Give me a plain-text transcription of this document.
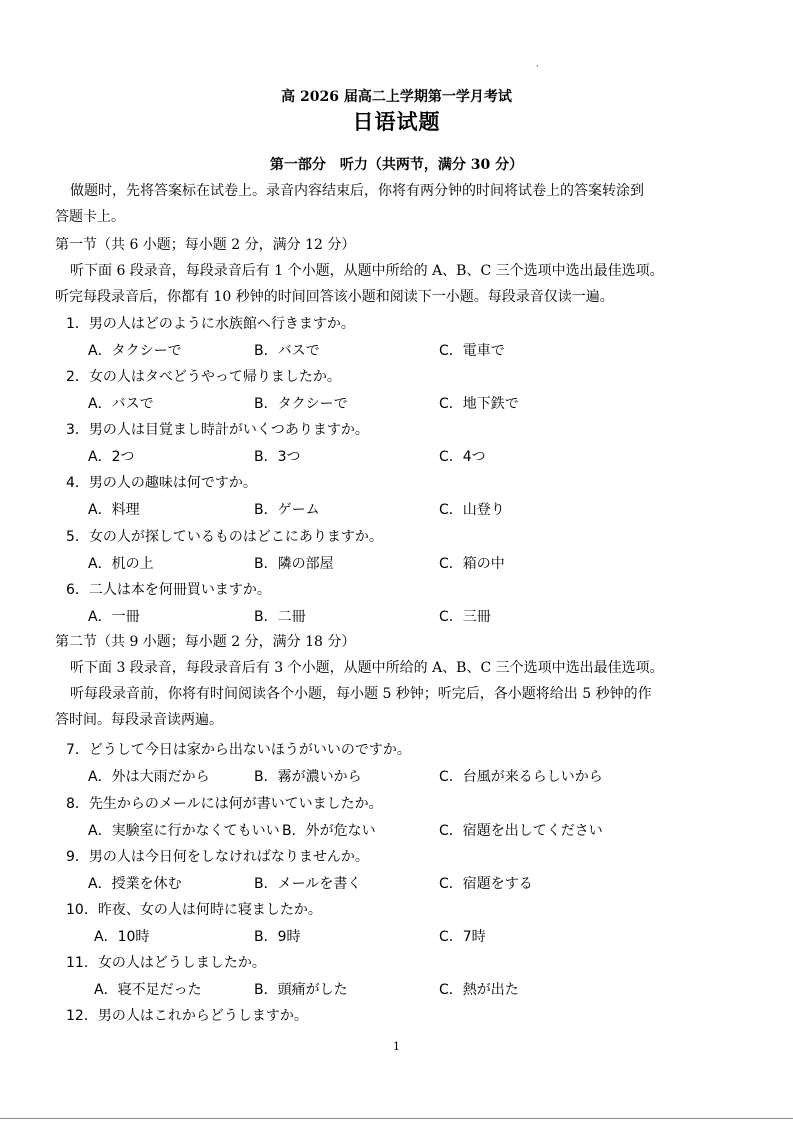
·
高 2026 届高二上学期第一学月考试
日语试题
第一部分　听力（共两节，满分 30 分）
做题时，先将答案标在试卷上。录音内容结束后，你将有两分钟的时间将试卷上的答案转涂到
答题卡上。
第一节（共 6 小题；每小题 2 分，满分 12 分）
听下面 6 段录音，每段录音后有 1 个小题，从题中所给的 A、B、C 三个选项中选出最佳选项。
听完每段录音后，你都有 10 秒钟的时间回答该小题和阅读下一小题。每段录音仅读一遍。
1．男の人はどのように水族館へ行きますか。
A．タクシーで	B．バスで	C．電車で
2．女の人はタべどうやって帰りましたか。
A．バスで	B．タクシーで	C．地下鉄で
3．男の人は目覚まし時計がいくつありますか。
A．2つ	B．3つ	C．4つ
4．男の人の趣味は何ですか。
A．料理	B．ゲーム	C．山登り
5．女の人が探しているものはどこにありますか。
A．机の上	B．隣の部屋	C．箱の中
6．二人は本を何冊買いますか。
A．一冊	B．二冊	C．三冊
第二节（共 9 小题；每小题 2 分，满分 18 分）
听下面 3 段录音，每段录音后有 3 个小题，从题中所给的 A、B、C 三个选项中选出最佳选项。
听每段录音前，你将有时间阅读各个小题，每小题 5 秒钟；听完后，各小题将给出 5 秒钟的作
答时间。每段录音读两遍。
7．どうして今日は家から出ないほうがいいのですか。
A．外は大雨だから	B．霧が濃いから	C．台風が来るらしいから
8．先生からのメールには何が書いていましたか。
A．実験室に行かなくてもいい B．外が危ない	C．宿題を出してください
9．男の人は今日何をしなければなりませんか。
A．授業を休む	B．メールを書く	C．宿題をする
10．昨夜、女の人は何時に寝ましたか。
A．10時	B．9時	C．7時
11．女の人はどうしましたか。
A．寝不足だった	B．頭痛がした	C．熱が出た
12．男の人はこれからどうしますか。
1
